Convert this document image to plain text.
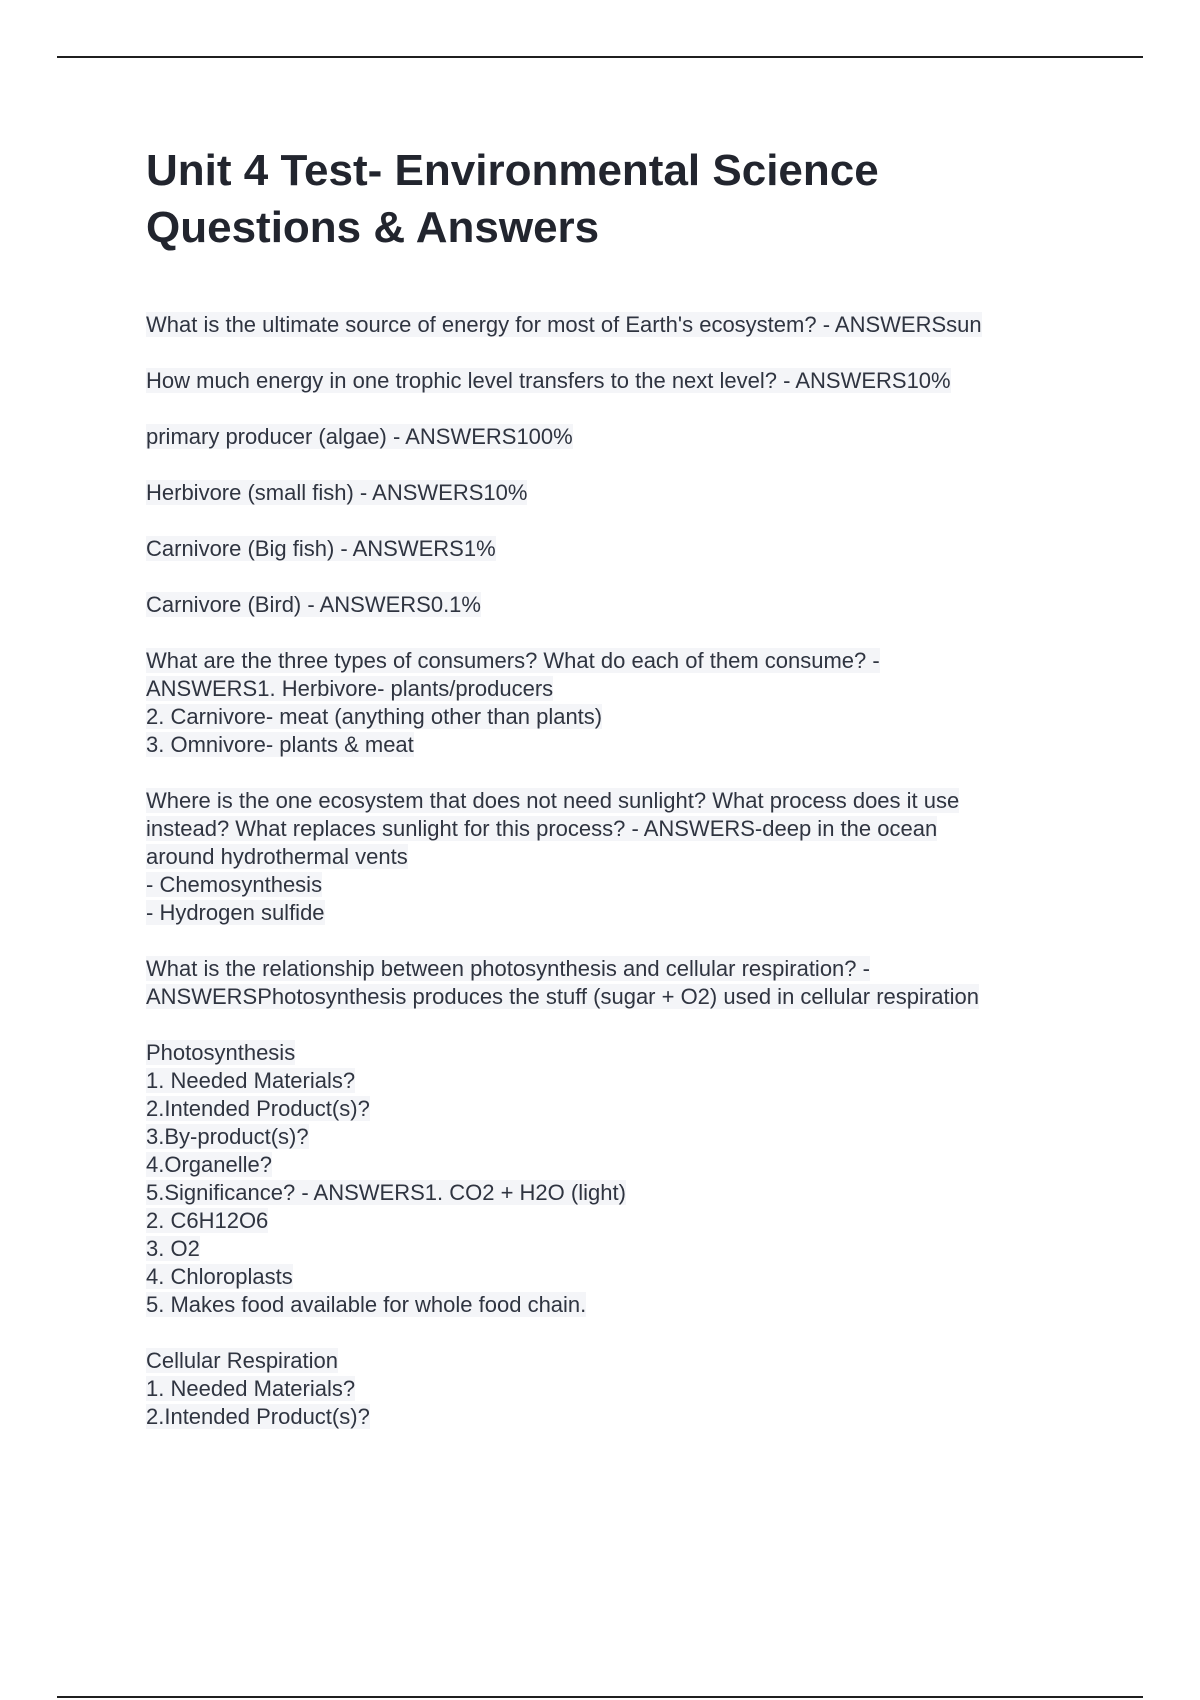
Unit 4 Test- Environmental Science
Questions & Answers
What is the ultimate source of energy for most of Earth's ecosystem? - ANSWERSsun
How much energy in one trophic level transfers to the next level? - ANSWERS10%
primary producer (algae) - ANSWERS100%
Herbivore (small fish) - ANSWERS10%
Carnivore (Big fish) - ANSWERS1%
Carnivore (Bird) - ANSWERS0.1%
What are the three types of consumers? What do each of them consume? -
ANSWERS1. Herbivore- plants/producers
2. Carnivore- meat (anything other than plants)
3. Omnivore- plants & meat
Where is the one ecosystem that does not need sunlight? What process does it use
instead? What replaces sunlight for this process? - ANSWERS-deep in the ocean
around hydrothermal vents
- Chemosynthesis
- Hydrogen sulfide
What is the relationship between photosynthesis and cellular respiration? -
ANSWERSPhotosynthesis produces the stuff (sugar + O2) used in cellular respiration
Photosynthesis
1. Needed Materials?
2.Intended Product(s)?
3.By-product(s)?
4.Organelle?
5.Significance? - ANSWERS1. CO2 + H2O (light)
2. C6H12O6
3. O2
4. Chloroplasts
5. Makes food available for whole food chain.
Cellular Respiration
1. Needed Materials?
2.Intended Product(s)?
